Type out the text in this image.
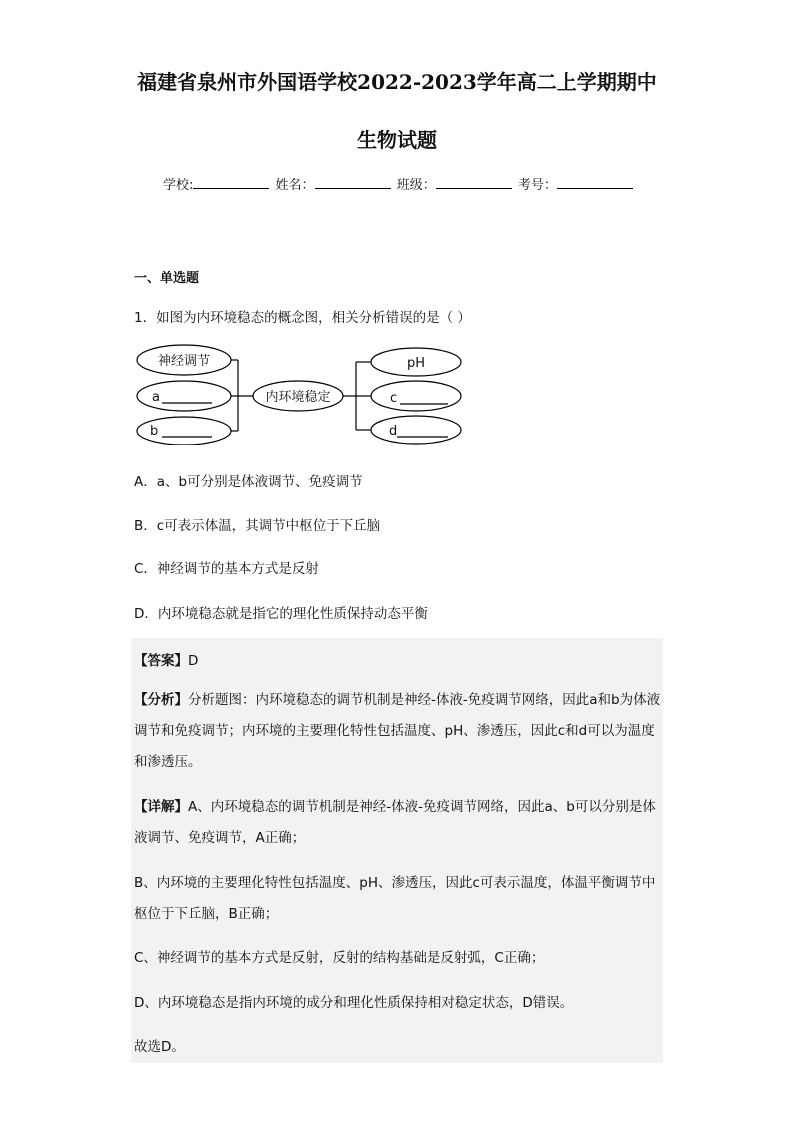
福建省泉州市外国语学校2022-2023学年高二上学期期中
生物试题
学校:	姓名：	班级：	考号：
一、单选题
1．如图为内环境稳态的概念图，相关分析错误的是（ ）
神经调节
a
b
内环境稳定
pH
c
d
A．a、b可分别是体液调节、免疫调节
B．c可表示体温，其调节中枢位于下丘脑
C．神经调节的基本方式是反射
D．内环境稳态就是指它的理化性质保持动态平衡
【答案】D
【分析】分析题图：内环境稳态的调节机制是神经-体液-免疫调节网络，因此a和b为体液调节和免疫调节；内环境的主要理化特性包括温度、pH、渗透压，因此c和d可以为温度和渗透压。
【详解】A、内环境稳态的调节机制是神经-体液-免疫调节网络，因此a、b可以分别是体液调节、免疫调节，A正确；
B、内环境的主要理化特性包括温度、pH、渗透压，因此c可表示温度，体温平衡调节中枢位于下丘脑，B正确；
C、神经调节的基本方式是反射，反射的结构基础是反射弧，C正确；
D、内环境稳态是指内环境的成分和理化性质保持相对稳定状态，D错误。
故选D。
